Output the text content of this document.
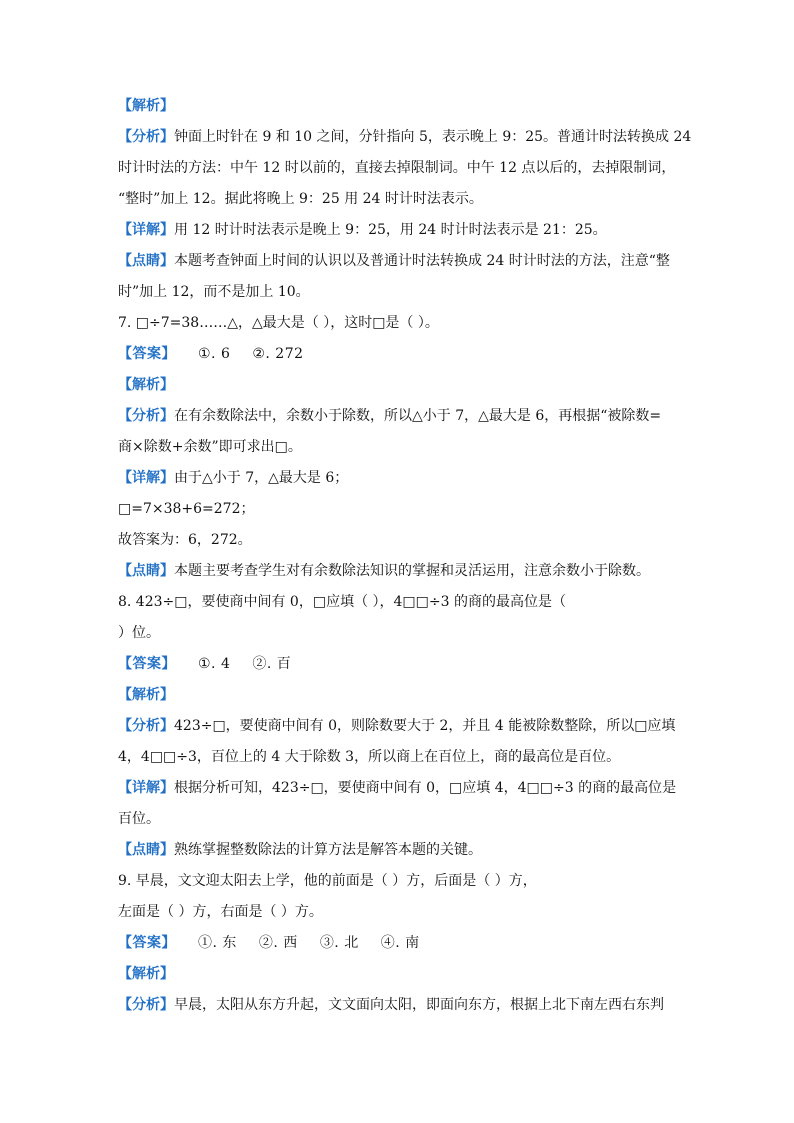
【解析】
【分析】钟面上时针在 9 和 10 之间，分针指向 5，表示晚上 9：25。普通计时法转换成 24
时计时法的方法：中午 12 时以前的，直接去掉限制词。中午 12 点以后的，去掉限制词，
“整时”加上 12。据此将晚上 9：25 用 24 时计时法表示。
【详解】用 12 时计时法表示是晚上 9：25，用 24 时计时法表示是 21：25。
【点睛】本题考查钟面上时间的认识以及普通计时法转换成 24 时计时法的方法，注意“整
时”加上 12，而不是加上 10。
7. □÷7=38……△，△最大是（ ），这时□是（ ）。
【答案】 ①. 6 ②. 272
【解析】
【分析】在有余数除法中，余数小于除数，所以△小于 7，△最大是 6，再根据“被除数=
商×除数+余数”即可求出□。
【详解】由于△小于 7，△最大是 6；
□=7×38+6=272；
故答案为：6，272。
【点睛】本题主要考查学生对有余数除法知识的掌握和灵活运用，注意余数小于除数。
8. 423÷□，要使商中间有 0，□应填（ ），4□□÷3 的商的最高位是（
）位。
【答案】 ①. 4 ②. 百
【解析】
【分析】423÷□，要使商中间有 0，则除数要大于 2，并且 4 能被除数整除，所以□应填
4，4□□÷3，百位上的 4 大于除数 3，所以商上在百位上，商的最高位是百位。
【详解】根据分析可知，423÷□，要使商中间有 0，□应填 4，4□□÷3 的商的最高位是
百位。
【点睛】熟练掌握整数除法的计算方法是解答本题的关键。
9. 早晨，文文迎太阳去上学，他的前面是（ ）方，后面是（ ）方，
左面是（ ）方，右面是（ ）方。
【答案】 ①. 东 ②. 西 ③. 北 ④. 南
【解析】
【分析】早晨，太阳从东方升起，文文面向太阳，即面向东方，根据上北下南左西右东判
